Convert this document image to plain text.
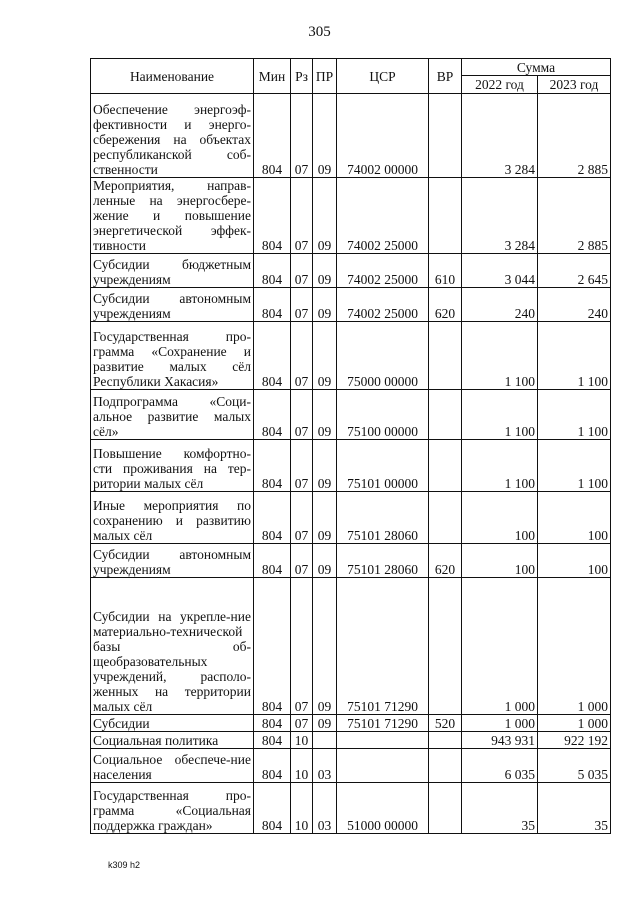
305
Наименование	Мин	Рз	ПР	ЦСР	ВР	Сумма	
						2022 год	2023 год
Обеспечение энергоэф-фективности и энерго-сбережения на объектах республиканской соб-ственности	804	07	09	74002 00000		3 284	2 885
Мероприятия, направ-ленные на энергосбере-жение и повышение энергетической эффек-тивности	804	07	09	74002 25000		3 284	2 885
Субсидии бюджетным учреждениям	804	07	09	74002 25000	610	3 044	2 645
Субсидии автономным учреждениям	804	07	09	74002 25000	620	240	240
Государственная про-грамма «Сохранение и развитие малых сёл Республики Хакасия»	804	07	09	75000 00000		1 100	1 100
Подпрограмма «Соци-альное развитие малых сёл»	804	07	09	75100 00000		1 100	1 100
Повышение комфортно-сти проживания на тер-ритории малых сёл	804	07	09	75101 00000		1 100	1 100
Иные мероприятия по сохранению и развитию малых сёл	804	07	09	75101 28060		100	100
Субсидии автономным учреждениям	804	07	09	75101 28060	620	100	100
Субсидии на укрепле-ние материально-технической базы об-щеобразовательных учреждений, располо-женных на территории малых сёл	804	07	09	75101 71290		1 000	1 000
Субсидии	804	07	09	75101 71290	520	1 000	1 000
Социальная политика	804	10				943 931	922 192
Социальное обеспече-ние населения	804	10	03			6 035	5 035
Государственная про-грамма «Социальная поддержка граждан»	804	10	03	51000 00000		35	35
k309 h2
